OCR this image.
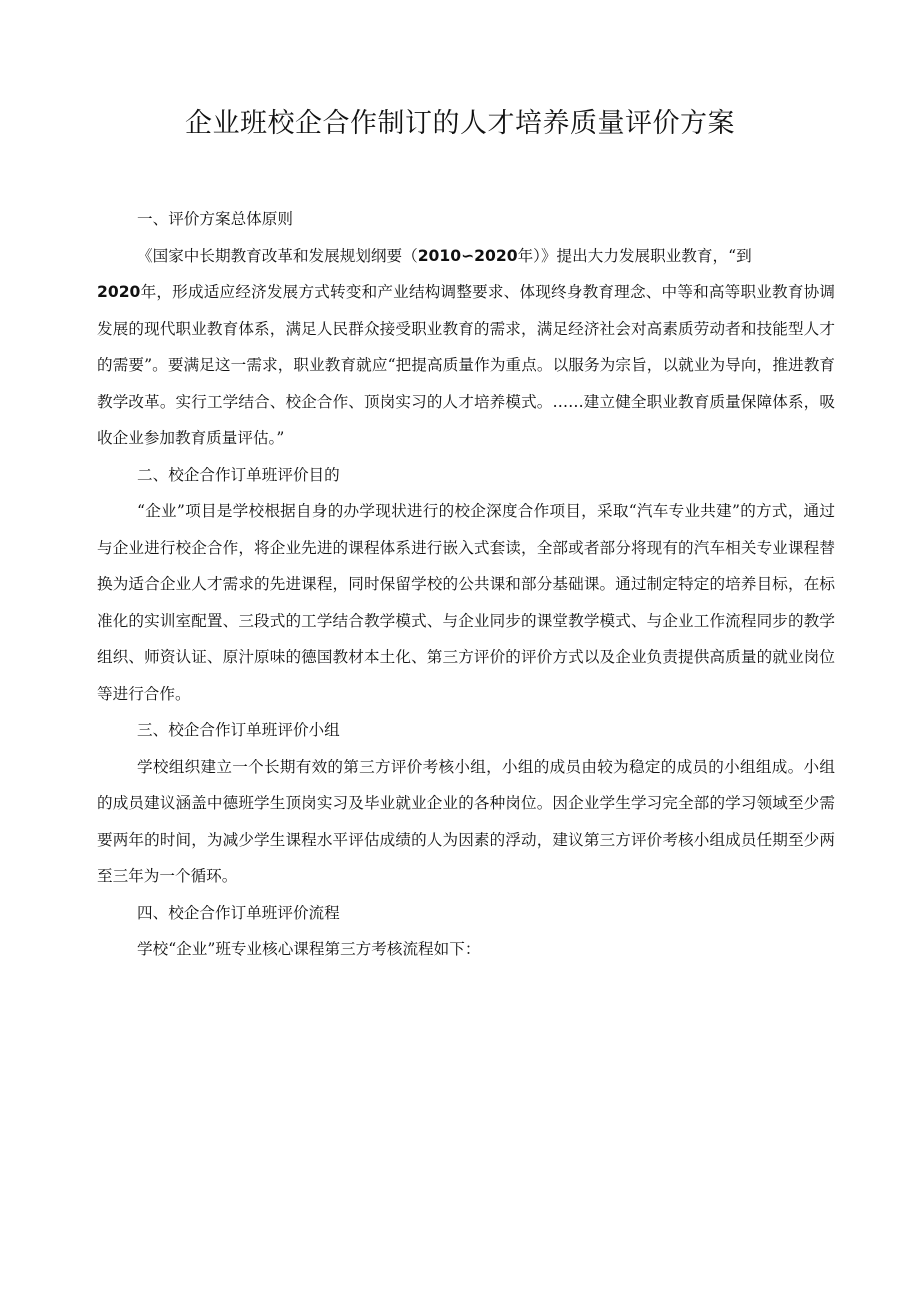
企业班校企合作制订的人才培养质量评价方案

一、评价方案总体原则

《国家中长期教育改革和发展规划纲要（2010∽2020年）》提出大力发展职业教育，“到
2020年，形成适应经济发展方式转变和产业结构调整要求、体现终身教育理念、中等和高等职业教育协调发展的现代职业教育体系，满足人民群众接受职业教育的需求，满足经济社会对高素质劳动者和技能型人才的需要”。要满足这一需求，职业教育就应“把提高质量作为重点。以服务为宗旨，以就业为导向，推进教育教学改革。实行工学结合、校企合作、顶岗实习的人才培养模式。……建立健全职业教育质量保障体系，吸收企业参加教育质量评估。”

二、校企合作订单班评价目的

“企业”项目是学校根据自身的办学现状进行的校企深度合作项目，采取“汽车专业共建”的方式，通过与企业进行校企合作，将企业先进的课程体系进行嵌入式套读，全部或者部分将现有的汽车相关专业课程替换为适合企业人才需求的先进课程，同时保留学校的公共课和部分基础课。通过制定特定的培养目标，在标准化的实训室配置、三段式的工学结合教学模式、与企业同步的课堂教学模式、与企业工作流程同步的教学组织、师资认证、原汁原味的德国教材本土化、第三方评价的评价方式以及企业负责提供高质量的就业岗位等进行合作。

三、校企合作订单班评价小组

学校组织建立一个长期有效的第三方评价考核小组，小组的成员由较为稳定的成员的小组组成。小组的成员建议涵盖中德班学生顶岗实习及毕业就业企业的各种岗位。因企业学生学习完全部的学习领域至少需要两年的时间，为减少学生课程水平评估成绩的人为因素的浮动，建议第三方评价考核小组成员任期至少两至三年为一个循环。

四、校企合作订单班评价流程

学校“企业”班专业核心课程第三方考核流程如下：
